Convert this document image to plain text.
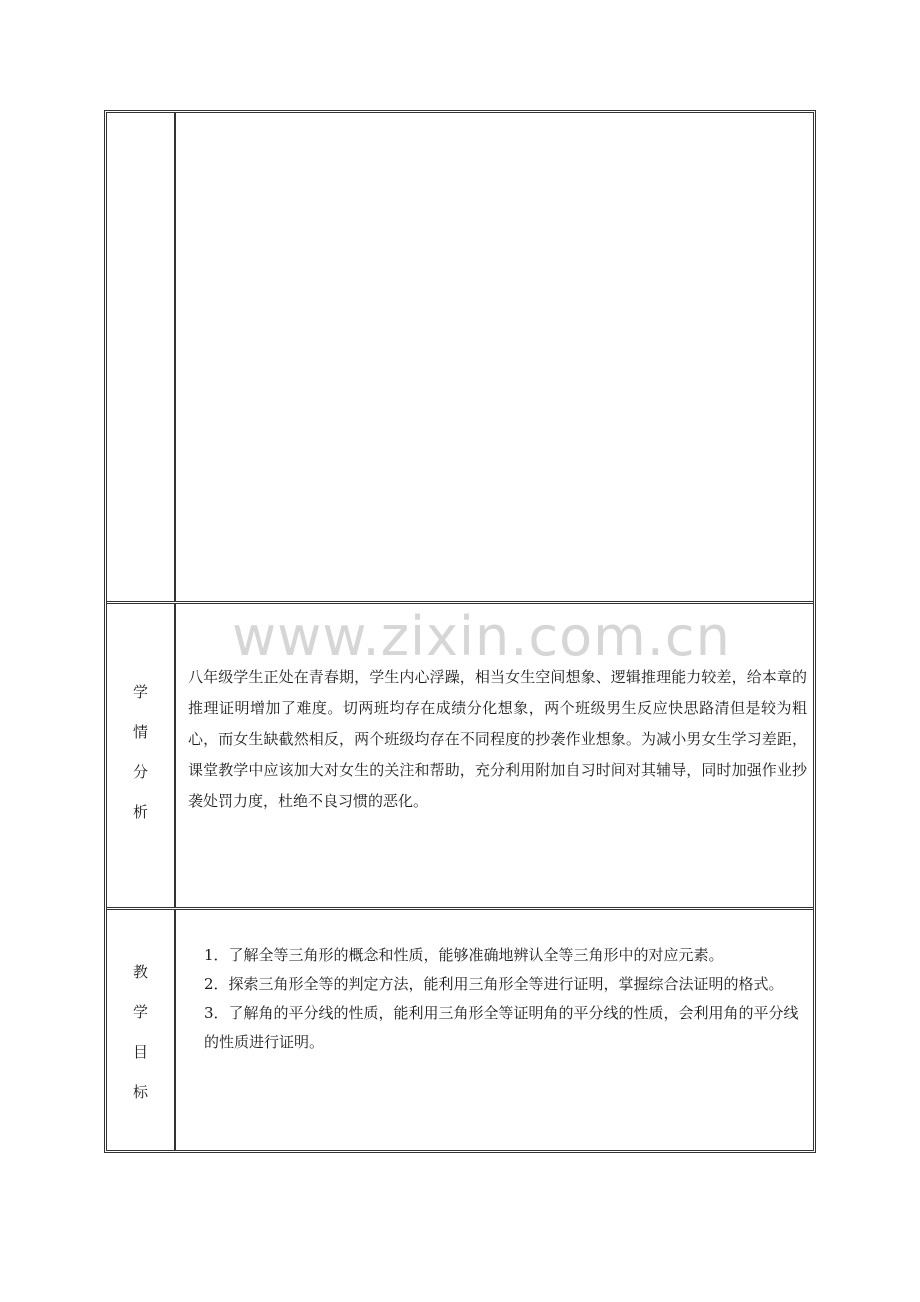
学
情
分
析

八年级学生正处在青春期，学生内心浮躁，相当女生空间想象、逻辑推理能力较差，给本章的推理证明增加了难度。切两班均存在成绩分化想象，两个班级男生反应快思路清但是较为粗心，而女生缺截然相反，两个班级均存在不同程度的抄袭作业想象。为减小男女生学习差距，课堂教学中应该加大对女生的关注和帮助，充分利用附加自习时间对其辅导，同时加强作业抄袭处罚力度，杜绝不良习惯的恶化。

教
学
目
标
1．了解全等三角形的概念和性质，能够准确地辨认全等三角形中的对应元素。
2．探索三角形全等的判定方法，能利用三角形全等进行证明，掌握综合法证明的格式。
3．了解角的平分线的性质，能利用三角形全等证明角的平分线的性质，会利用角的平分线的性质进行证明。
www.zixin.com.cn
